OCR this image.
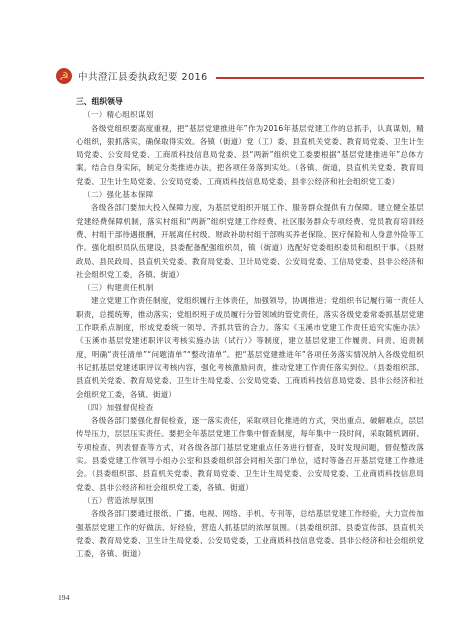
☭ 中共澄江县委执政纪要 2016
三、组织领导
（一）精心组织谋划
各级党组织要高度重视，把“基层党建推进年”作为2016年基层党建工作的总抓手，认真谋划，精心组织，狠抓落实，确保取得实效。各镇（街道）党（工）委、县直机关党委、教育局党委、卫生计生局党委、公安局党委、工商质科技信息局党委、县“两新”组织党工委要根据“基层党建推进年”总体方案，结合自身实际，制定分类推进办法，把各项任务落到实处。（各镇、街道，县直机关党委、教育局党委、卫生计生局党委、公安局党委、工商质科技信息局党委、县非公经济和社会组织党工委）
（二）强化基本保障
各级各部门要加大投入保障力度，为基层党组织开展工作、服务群众提供有力保障。建立健全基层党建经费保障机制，落实村组和“两新”组织党建工作经费、社区服务群众专项经费、党员教育培训经费、村组干部待遇报酬，开展离任村级、财政补助村组干部购买养老保险、医疗保险和人身意外险等工作。强化组织员队伍建设，县委配备配强组织员，镇（街道）选配好党委组织委员和组织干事。（县财政局、县民政局、县直机关党委、教育局党委、卫计局党委、公安局党委、工信局党委、县非公经济和社会组织党工委，各镇、街道）
（三）构建责任机制
建立党建工作责任制度，党组织履行主体责任，加强领导，协调推进；党组织书记履行第一责任人职责，总揽统筹，推动落实；党组织班子成员履行分管领域的管党责任，落实各级党委常委抓基层党建工作联系点制度，形成党委统一领导、齐抓共管的合力。落实《玉溪市党建工作责任追究实施办法》《玉溪市基层党建述职评议考核实施办法（试行）》等制度，建立基层党建工作履责、问责、追责制度，明确“责任清单”“问题清单”“整改清单”。把“基层党建推进年”各项任务落实情况纳入各级党组织书记抓基层党建述职评议考核内容，强化考核激励问责，推动党建工作责任落实到位。（县委组织部、县直机关党委、教育局党委、卫生计生局党委、公安局党委、工商质科技信息局党委、县非公经济和社会组织党工委，各镇、街道）
（四）加强督促检查
各级各部门要强化督促检查，逐一落实责任，采取项目化推进的方式，突出重点、破解难点，层层传导压力，层层压实责任。要把全年基层党建工作集中督查制度，每年集中一段时间，采取随机调研、专项检查、列表督查等方式，对各级各部门基层党建重点任务进行督查，及时发现问题，督促整改落实。县委党建工作领导小组办公室和县委组织部会同相关部门单位，适时等备召开基层党建工作推进会。（县委组织部、县直机关党委、教育局党委、卫生计生局党委、公安局党委、工业商质科技信息局党委、县非公经济和社会组织党工委，各镇、街道）
（五）营造浓厚氛围
各级各部门要通过报纸、广播、电视、网络、手机、专刊等，总结基层党建工作经验，大力宣传加强基层党建工作的好做法、好经验，营造人抓基层的浓厚氛围。（县委组织部、县委宣传部、县直机关党委、教育局党委、卫生计生局党委、公安局党委，工业商质科技信息党委、县非公经济和社会组织党工委，各镇、街道）
194
